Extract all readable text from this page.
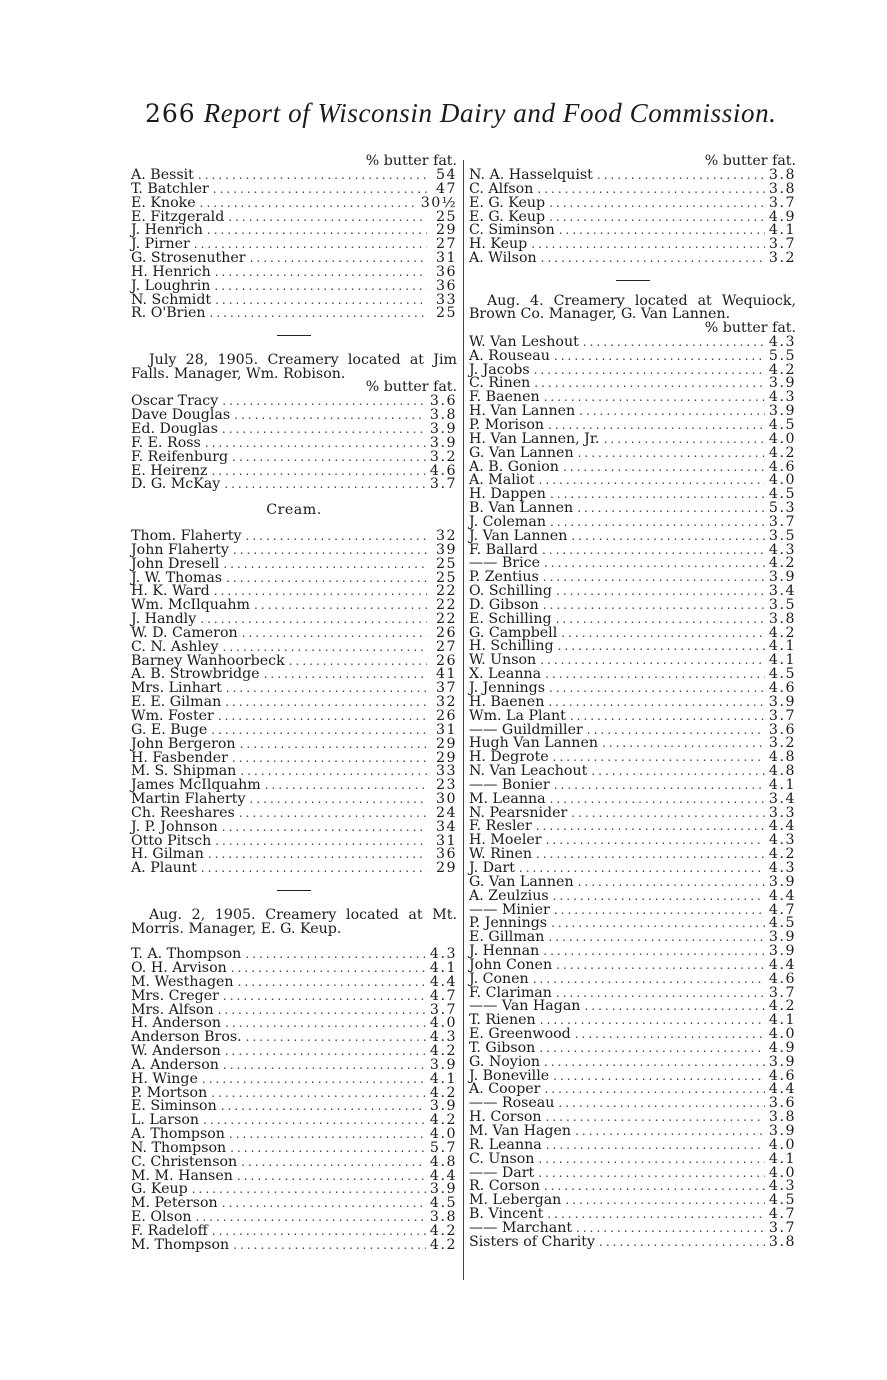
266 Report of Wisconsin Dairy and Food Commission.
% butter fat.
A. Bessit .....	54
T. Batchler .....	47
E. Knoke .....	30½
E. Fitzgerald .....	25
J. Henrich .....	29
J. Pirner .....	27
G. Strosenuther .....	31
H. Henrich .....	36
J. Loughrin .....	36
N. Schmidt .....	33
R. O'Brien .....	25
July 28, 1905. Creamery located at Jim Falls. Manager, Wm. Robison.
% butter fat.
Oscar Tracy .....	3.6
Dave Douglas .....	3.8
Ed. Douglas .....	3.9
F. E. Ross .....	3.9
F. Reifenburg .....	3.2
E. Heirenz .....	4.6
D. G. McKay .....	3.7
Cream.
Thom. Flaherty .....	32
John Flaherty .....	39
John Dresell .....	25
J. W. Thomas .....	25
H. K. Ward .....	22
Wm. McIlquahm .....	22
J. Handly .....	22
W. D. Cameron .....	26
C. N. Ashley .....	27
Barney Wanhoorbeck .....	26
A. B. Strowbridge .....	41
Mrs. Linhart .....	37
E. E. Gilman .....	32
Wm. Foster .....	26
G. E. Buge .....	31
John Bergeron .....	29
H. Fasbender .....	29
M. S. Shipman .....	33
James McIlquahm .....	23
Martin Flaherty .....	30
Ch. Reeshares .....	24
J. P. Johnson .....	34
Otto Pitsch .....	31
H. Gilman .....	36
A. Plaunt .....	29
Aug. 2, 1905. Creamery located at Mt. Morris. Manager, E. G. Keup.
T. A. Thompson .....	4.3
O. H. Arvison .....	4.1
M. Westhagen .....	4.4
Mrs. Creger .....	4.7
Mrs. Alfson .....	3.7
H. Anderson .....	4.0
Anderson Bros. .....	4.3
W. Anderson .....	4.2
A. Anderson .....	3.9
H. Winge .....	4.1
P. Mortson .....	4.2
E. Siminson .....	3.9
L. Larson .....	4.2
A. Thompson .....	4.0
N. Thompson .....	5.7
C. Christenson .....	4.8
M. M. Hansen .....	4.4
G. Keup .....	3.9
M. Peterson .....	4.5
E. Olson .....	3.8
F. Radeloff .....	4.2
M. Thompson .....	4.2
% butter fat.
N. A. Hasselquist .....	3.8
C. Alfson .....	3.8
E. G. Keup .....	3.7
E. G. Keup .....	4.9
C. Siminson .....	4.1
H. Keup .....	3.7
A. Wilson .....	3.2
Aug. 4. Creamery located at Wequiock, Brown Co. Manager, G. Van Lannen.
% butter fat.
W. Van Leshout .....	4.3
A. Rouseau .....	5.5
J. Jacobs .....	4.2
C. Rinen .....	3.9
F. Baenen .....	4.3
H. Van Lannen .....	3.9
P. Morison .....	4.5
H. Van Lannen, Jr. .....	4.0
G. Van Lannen .....	4.2
A. B. Gonion .....	4.6
A. Maliot .....	4.0
H. Dappen .....	4.5
B. Van Lannen .....	5.3
J. Coleman .....	3.7
J. Van Lannen .....	3.5
F. Ballard .....	4.3
—— Brice .....	4.2
P. Zentius .....	3.9
O. Schilling .....	3.4
D. Gibson .....	3.5
E. Schilling .....	3.8
G. Campbell .....	4.2
H. Schilling .....	4.1
W. Unson .....	4.1
X. Leanna .....	4.5
J. Jennings .....	4.6
H. Baenen .....	3.9
Wm. La Plant .....	3.7
—— Guildmiller .....	3.6
Hugh Van Lannen .....	3.2
H. Degrote .....	4.8
N. Van Leachout .....	4.8
—— Bonier .....	4.1
M. Leanna .....	3.4
N. Pearsnider .....	3.3
F. Resler .....	4.4
H. Moeler .....	4.3
W. Rinen .....	4.2
J. Dart .....	4.3
G. Van Lannen .....	3.9
A. Zeulzius .....	4.4
—— Minier .....	4.7
P. Jennings .....	4.5
E. Gillman .....	3.9
J. Hennan .....	3.9
John Conen .....	4.4
J. Conen .....	4.6
F. Clariman .....	3.7
—— Van Hagan .....	4.2
T. Rienen .....	4.1
E. Greenwood .....	4.0
T. Gibson .....	4.9
G. Noyion .....	3.9
J. Boneville .....	4.6
A. Cooper .....	4.4
—— Roseau .....	3.6
H. Corson .....	3.8
M. Van Hagen .....	3.9
R. Leanna .....	4.0
C. Unson .....	4.1
—— Dart .....	4.0
R. Corson .....	4.3
M. Lebergan .....	4.5
B. Vincent .....	4.7
—— Marchant .....	3.7
Sisters of Charity .....	3.8
